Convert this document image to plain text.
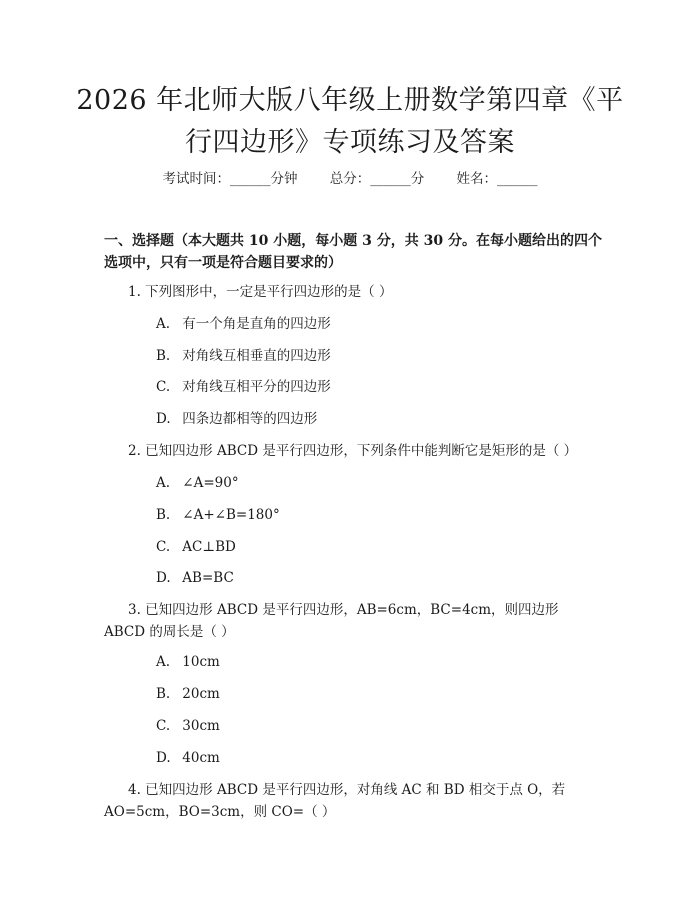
2026 年北师大版八年级上册数学第四章《平
行四边形》专项练习及答案
考试时间：______分钟 总分：______分 姓名：______
一、选择题（本大题共 10 小题，每小题 3 分，共 30 分。在每小题给出的四个选项中，只有一项是符合题目要求的）
1. 下列图形中，一定是平行四边形的是（ ）
A. 有一个角是直角的四边形
B. 对角线互相垂直的四边形
C. 对角线互相平分的四边形
D. 四条边都相等的四边形
2. 已知四边形 ABCD 是平行四边形，下列条件中能判断它是矩形的是（ ）
A. ∠A=90°
B. ∠A+∠B=180°
C. AC⊥BD
D. AB=BC
3. 已知四边形 ABCD 是平行四边形，AB=6cm，BC=4cm，则四边形 ABCD 的周长是（ ）
A. 10cm
B. 20cm
C. 30cm
D. 40cm
4. 已知四边形 ABCD 是平行四边形，对角线 AC 和 BD 相交于点 O，若 AO=5cm，BO=3cm，则 CO=（ ）
